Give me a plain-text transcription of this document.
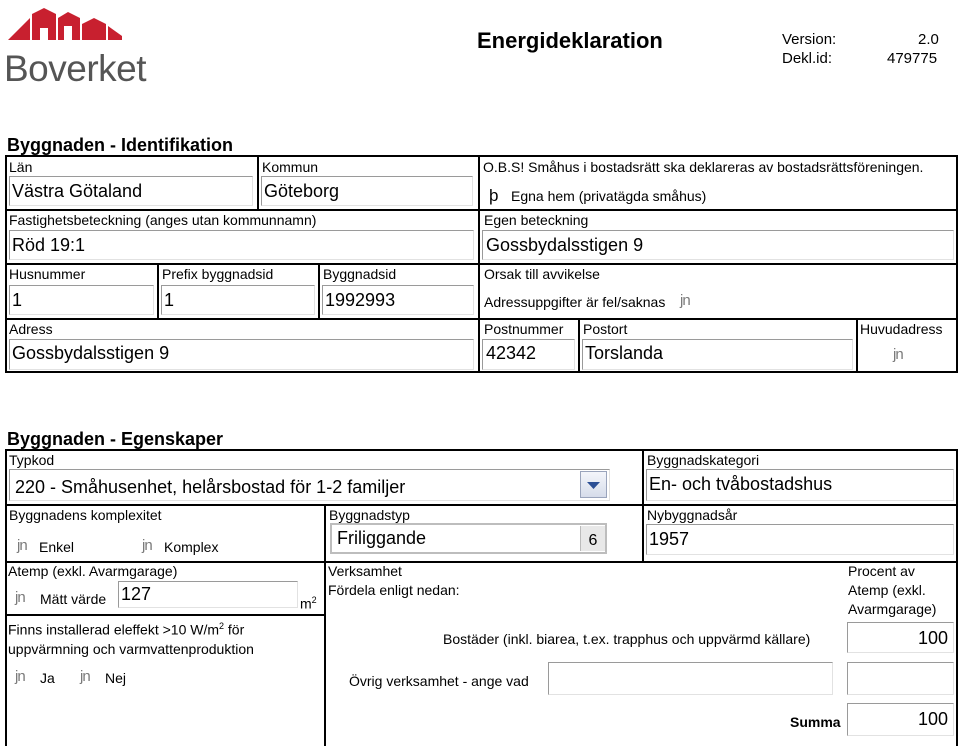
Boverket
Energideklaration	Version:	2.0
Dekl.id:	479775
Byggnaden - Identifikation
Län
Västra Götaland
Kommun
Göteborg
O.B.S! Småhus i bostadsrätt ska deklareras av bostadsrättsföreningen.
þ Egna hem (privatägda småhus)
Fastighetsbeteckning (anges utan kommunnamn)
Röd 19:1
Egen beteckning
Gossbydalsstigen 9
Husnummer
1
Prefix byggnadsid
1
Byggnadsid
1992993
Orsak till avvikelse
Adressuppgifter är fel/saknas jn
Adress
Gossbydalsstigen 9
Postnummer
42342
Postort
Torslanda
Huvudadress
jn
Byggnaden - Egenskaper
Typkod
220 - Småhusenhet, helårsbostad för 1-2 familjer
Byggnadskategori
En- och tvåbostadshus
Byggnadens komplexitet
jn Enkel	jn Komplex
Byggnadstyp
Friliggande	6
Nybyggnadsår
1957
Atemp (exkl. Avarmgarage)
jn Mätt värde 127	$m^2$
Verksamhet
Fördela enligt nedan:
Procent av
Atemp (exkl.
Avarmgarage)
Finns installerad eleffekt >10 $W/m^2$ för
uppvärmning och varmvattenproduktion
jn Ja jn Nej
Bostäder (inkl. biarea, t.ex. trapphus och uppvärmd källare)	100
Övrig verksamhet - ange vad
Summa	100
